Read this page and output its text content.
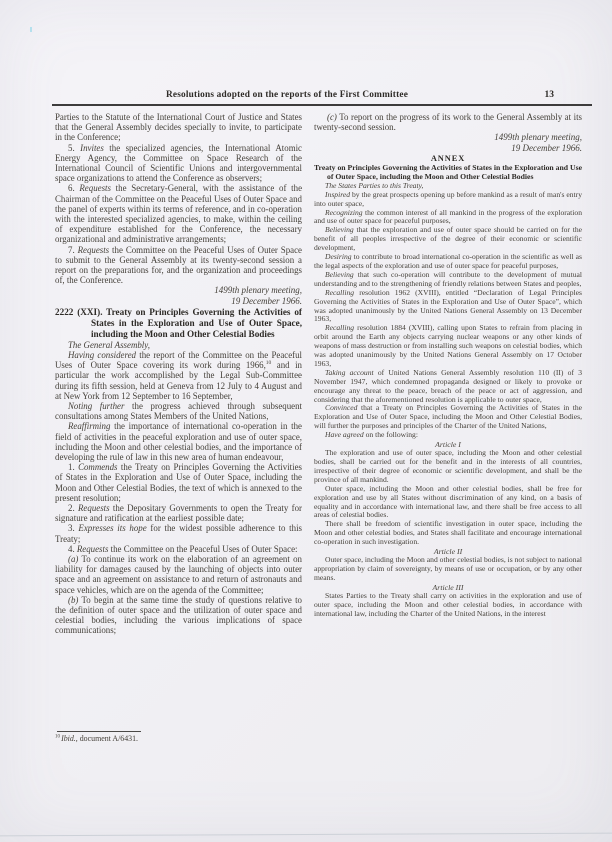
Resolutions adopted on the reports of the First Committee	13

Parties to the Statute of the International Court of Justice and States that the General Assembly decides specially to invite, to participate in the Conference;

5. Invites the specialized agencies, the International Atomic Energy Agency, the Committee on Space Research of the International Council of Scientific Unions and intergovernmental space organizations to attend the Conference as observers;

6. Requests the Secretary-General, with the assistance of the Chairman of the Committee on the Peaceful Uses of Outer Space and the panel of experts within its terms of reference, and in co-operation with the interested specialized agencies, to make, within the ceiling of expenditure established for the Conference, the necessary organizational and administrative arrangements;

7. Requests the Committee on the Peaceful Uses of Outer Space to submit to the General Assembly at its twenty-second session a report on the preparations for, and the organization and proceedings of, the Conference.

1499th plenary meeting,
19 December 1966.

2222 (XXI). Treaty on Principles Governing the Activities of States in the Exploration and Use of Outer Space, including the Moon and Other Celestial Bodies

The General Assembly,

Having considered the report of the Committee on the Peaceful Uses of Outer Space covering its work during 1966,10 and in particular the work accomplished by the Legal Sub-Committee during its fifth session, held at Geneva from 12 July to 4 August and at New York from 12 September to 16 September,

Noting further the progress achieved through subsequent consultations among States Members of the United Nations,

Reaffirming the importance of international co-operation in the field of activities in the peaceful exploration and use of outer space, including the Moon and other celestial bodies, and the importance of developing the rule of law in this new area of human endeavour,

1. Commends the Treaty on Principles Governing the Activities of States in the Exploration and Use of Outer Space, including the Moon and Other Celestial Bodies, the text of which is annexed to the present resolution;

2. Requests the Depositary Governments to open the Treaty for signature and ratification at the earliest possible date;

3. Expresses its hope for the widest possible adherence to this Treaty;

4. Requests the Committee on the Peaceful Uses of Outer Space:

(a) To continue its work on the elaboration of an agreement on liability for damages caused by the launching of objects into outer space and an agreement on assistance to and return of astronauts and space vehicles, which are on the agenda of the Committee;

(b) To begin at the same time the study of questions relative to the definition of outer space and the utilization of outer space and celestial bodies, including the various implications of space communications;

(c) To report on the progress of its work to the General Assembly at its twenty-second session.

1499th plenary meeting,
19 December 1966.

ANNEX

Treaty on Principles Governing the Activities of States in the Exploration and Use of Outer Space, including the Moon and Other Celestial Bodies

The States Parties to this Treaty,

Inspired by the great prospects opening up before mankind as a result of man's entry into outer space,

Recognizing the common interest of all mankind in the progress of the exploration and use of outer space for peaceful purposes,

Believing that the exploration and use of outer space should be carried on for the benefit of all peoples irrespective of the degree of their economic or scientific development,

Desiring to contribute to broad international co-operation in the scientific as well as the legal aspects of the exploration and use of outer space for peaceful purposes,

Believing that such co-operation will contribute to the development of mutual understanding and to the strengthening of friendly relations between States and peoples,

Recalling resolution 1962 (XVIII), entitled “Declaration of Legal Principles Governing the Activities of States in the Exploration and Use of Outer Space”, which was adopted unanimously by the United Nations General Assembly on 13 December 1963,

Recalling resolution 1884 (XVIII), calling upon States to refrain from placing in orbit around the Earth any objects carrying nuclear weapons or any other kinds of weapons of mass destruction or from installing such weapons on celestial bodies, which was adopted unanimously by the United Nations General Assembly on 17 October 1963,

Taking account of United Nations General Assembly resolution 110 (II) of 3 November 1947, which condemned propaganda designed or likely to provoke or encourage any threat to the peace, breach of the peace or act of aggression, and considering that the aforementioned resolution is applicable to outer space,

Convinced that a Treaty on Principles Governing the Activities of States in the Exploration and Use of Outer Space, including the Moon and Other Celestial Bodies, will further the purposes and principles of the Charter of the United Nations,

Have agreed on the following:

Article I

The exploration and use of outer space, including the Moon and other celestial bodies, shall be carried out for the benefit and in the interests of all countries, irrespective of their degree of economic or scientific development, and shall be the province of all mankind.

Outer space, including the Moon and other celestial bodies, shall be free for exploration and use by all States without discrimination of any kind, on a basis of equality and in accordance with international law, and there shall be free access to all areas of celestial bodies.

There shall be freedom of scientific investigation in outer space, including the Moon and other celestial bodies, and States shall facilitate and encourage international co-operation in such investigation.

Article II

Outer space, including the Moon and other celestial bodies, is not subject to national appropriation by claim of sovereignty, by means of use or occupation, or by any other means.

Article III

States Parties to the Treaty shall carry on activities in the exploration and use of outer space, including the Moon and other celestial bodies, in accordance with international law, including the Charter of the United Nations, in the interest

$^{10}$ Ibid., document A/6431.
